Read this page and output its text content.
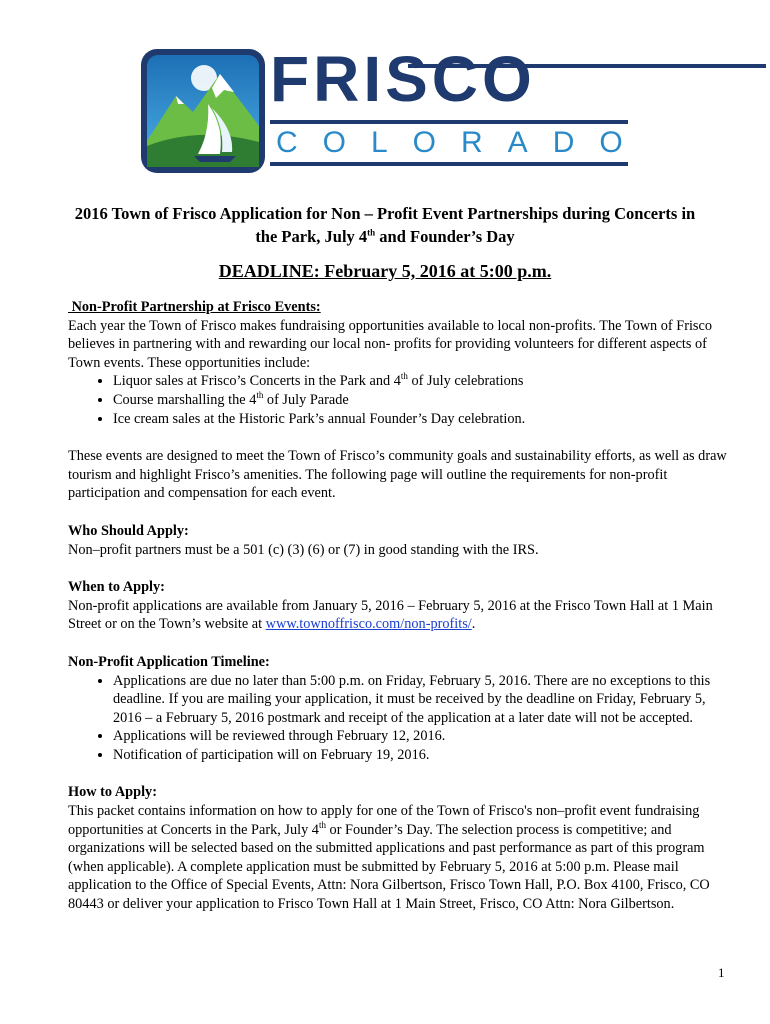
FRISCO
COLORADO
2016 Town of Frisco Application for Non – Profit Event Partnerships during Concerts in
the Park, July 4th and Founder’s Day
DEADLINE: February 5, 2016 at 5:00 p.m.

Non-Profit Partnership at Frisco Events:

Each year the Town of Frisco makes fundraising opportunities available to local non-profits. The Town of Frisco believes in partnering with and rewarding our local non- profits for providing volunteers for different aspects of Town events. These opportunities include:

• Liquor sales at Frisco’s Concerts in the Park and 4th of July celebrations
• Course marshalling the 4th of July Parade
• Ice cream sales at the Historic Park’s annual Founder’s Day celebration.

These events are designed to meet the Town of Frisco’s community goals and sustainability efforts, as well as draw tourism and highlight Frisco’s amenities. The following page will outline the requirements for non-profit participation and compensation for each event.

Who Should Apply:

Non–profit partners must be a 501 (c) (3) (6) or (7) in good standing with the IRS.

When to Apply:

Non-profit applications are available from January 5, 2016 – February 5, 2016 at the Frisco Town Hall at 1 Main Street or on the Town’s website at www.townoffrisco.com/non-profits/.

Non-Profit Application Timeline:

• Applications are due no later than 5:00 p.m. on Friday, February 5, 2016. There are no exceptions to this deadline. If you are mailing your application, it must be received by the deadline on Friday, February 5, 2016 – a February 5, 2016 postmark and receipt of the application at a later date will not be accepted.
• Applications will be reviewed through February 12, 2016.
• Notification of participation will on February 19, 2016.

How to Apply:

This packet contains information on how to apply for one of the Town of Frisco's non–profit event fundraising opportunities at Concerts in the Park, July 4th or Founder’s Day. The selection process is competitive; and organizations will be selected based on the submitted applications and past performance as part of this program (when applicable). A complete application must be submitted by February 5, 2016 at 5:00 p.m. Please mail application to the Office of Special Events, Attn: Nora Gilbertson, Frisco Town Hall, P.O. Box 4100, Frisco, CO 80443 or deliver your application to Frisco Town Hall at 1 Main Street, Frisco, CO Attn: Nora Gilbertson.

1
